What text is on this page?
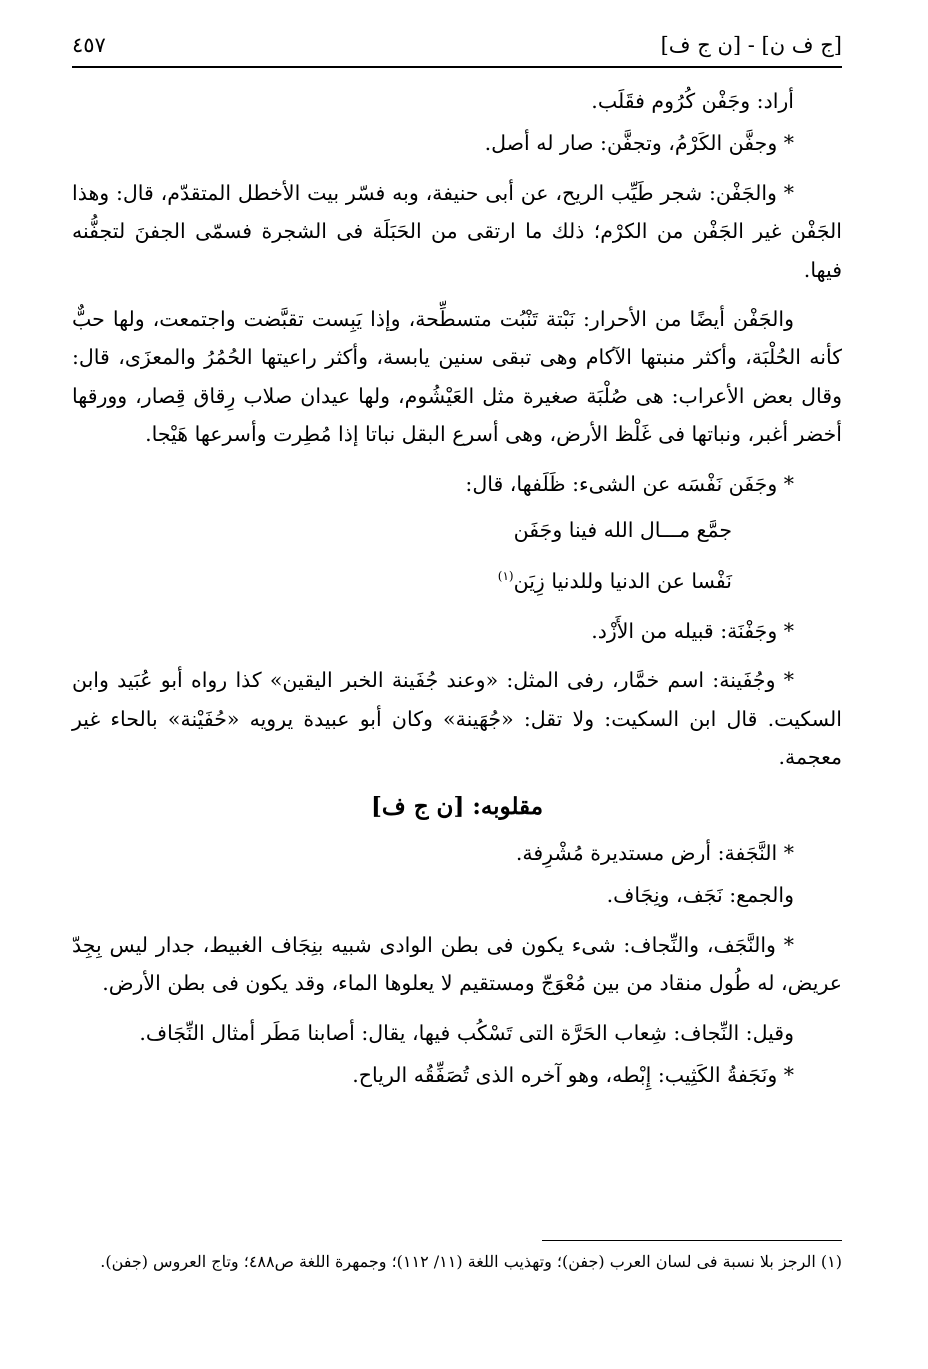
[ج ف ن] - [ن ج ف]
٤٥٧

أراد: وجَفْن كُرُوم فقَلَب.

* وجفَّن الكَرْمُ، وتجفَّن: صار له أصل.

* والجَفْن: شجر طَيِّب الريح، عن أبى حنيفة، وبه فسّر بيت الأخطل المتقدّم، قال: وهذا الجَفْن غير الجَفْن من الكرْم؛ ذلك ما ارتقى من الحَبَلَة فى الشجرة فسمّى الجفنَ لتجفُّنه فيها.

والجَفْن أيضًا من الأحرار: نَبْتة تَنْبُت متسطِّحة، وإذا يَبِست تقبَّضت واجتمعت، ولها حبٌّ كأنه الحُلْبَة، وأكثر منبتها الآكام وهى تبقى سنين يابسة، وأكثر راعيتها الحُمُرُ والمعزَى، قال: وقال بعض الأعراب: هى صُلْبَة صغيرة مثل العَيْشُوم، ولها عيدان صلاب رِقاق قِصار، وورقها أخضر أغبر، ونباتها فى غَلْظ الأرض، وهى أسرع البقل نباتا إذا مُطِرت وأسرعها هَيْجا.

* وجَفَن نَفْسَه عن الشىء: ظَلَفها، قال:

جمَّع مـــال الله فينا وجَفَن
نَفْسا عن الدنيا وللدنيا زِيَن$^{(١)}$

* وجَفْنَة: قبيله من الأَزْد.

* وجُفَينة: اسم خمَّار، رفى المثل: «وعند جُفَينة الخبر اليقين» كذا رواه أبو عُبَيد وابن السكيت. قال ابن السكيت: ولا تقل: «جُهَينة» وكان أبو عبيدة يرويه «حُفَيْنة» بالحاء غير معجمة.

مقلوبه: [ن ج ف]

* النَّجَفة: أرض مستديرة مُشْرِفة.

والجمع: نَجَف، ونِجَاف.

* والنَّجَف، والنِّجاف: شىء يكون فى بطن الوادى شبيه بنِجَاف الغبيط، جدار ليس بِجِدّ عريض، له طُول منقاد من بين مُعْوَجّ ومستقيم لا يعلوها الماء، وقد يكون فى بطن الأرض.

وقيل: النِّجاف: شِعاب الحَرَّة التى تَسْكُب فيها، يقال: أصابنا مَطَر أمثال النِّجَاف.

* ونَجَفةُ الكَثِيب: إِبْطه، وهو آخره الذى تُصَفِّقُه الرياح.

(١) الرجز بلا نسبة فى لسان العرب (جفن)؛ وتهذيب اللغة (١١/ ١١٢)؛ وجمهرة اللغة ص٤٨٨؛ وتاج العروس (جفن).
